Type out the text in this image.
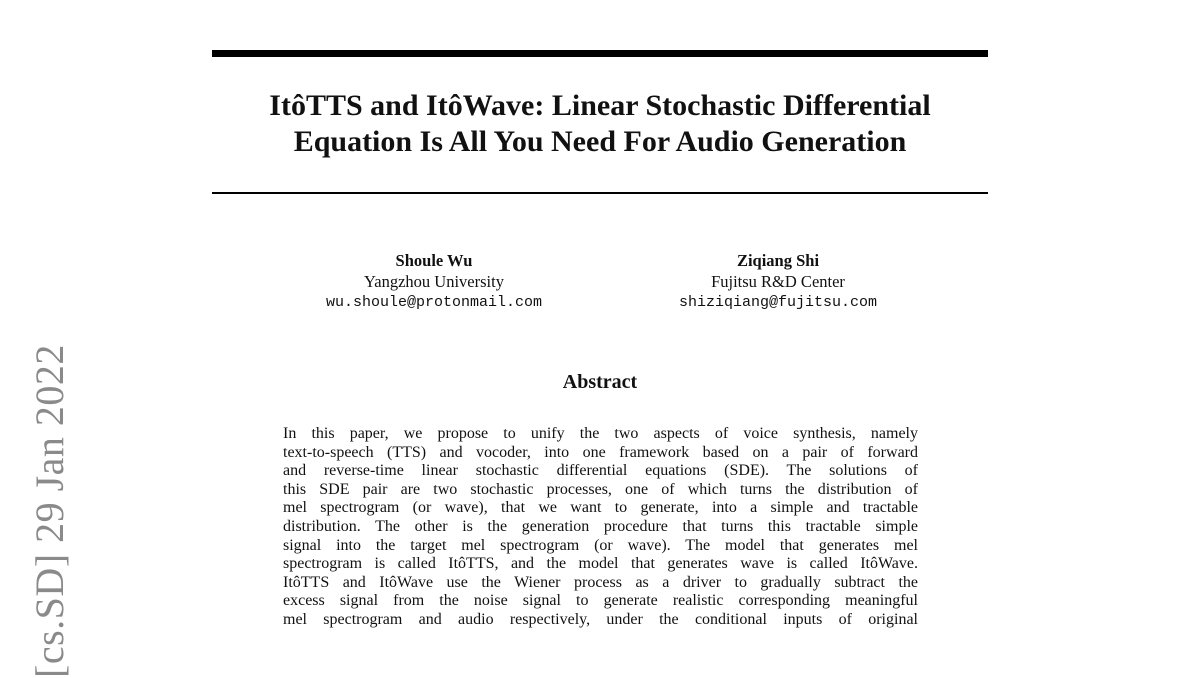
ItôTTS and ItôWave: Linear Stochastic Differential
Equation Is All You Need For Audio Generation
Shoule Wu
Yangzhou University
wu.shoule@protonmail.com
Ziqiang Shi
Fujitsu R&D Center
shiziqiang@fujitsu.com
Abstract
In this paper, we propose to unify the two aspects of voice synthesis, namely
text-to-speech (TTS) and vocoder, into one framework based on a pair of forward
and reverse-time linear stochastic differential equations (SDE). The solutions of
this SDE pair are two stochastic processes, one of which turns the distribution of
mel spectrogram (or wave), that we want to generate, into a simple and tractable
distribution. The other is the generation procedure that turns this tractable simple
signal into the target mel spectrogram (or wave). The model that generates mel
spectrogram is called ItôTTS, and the model that generates wave is called ItôWave.
ItôTTS and ItôWave use the Wiener process as a driver to gradually subtract the
excess signal from the noise signal to generate realistic corresponding meaningful
mel spectrogram and audio respectively, under the conditional inputs of original
[cs.SD] 29 Jan 2022
